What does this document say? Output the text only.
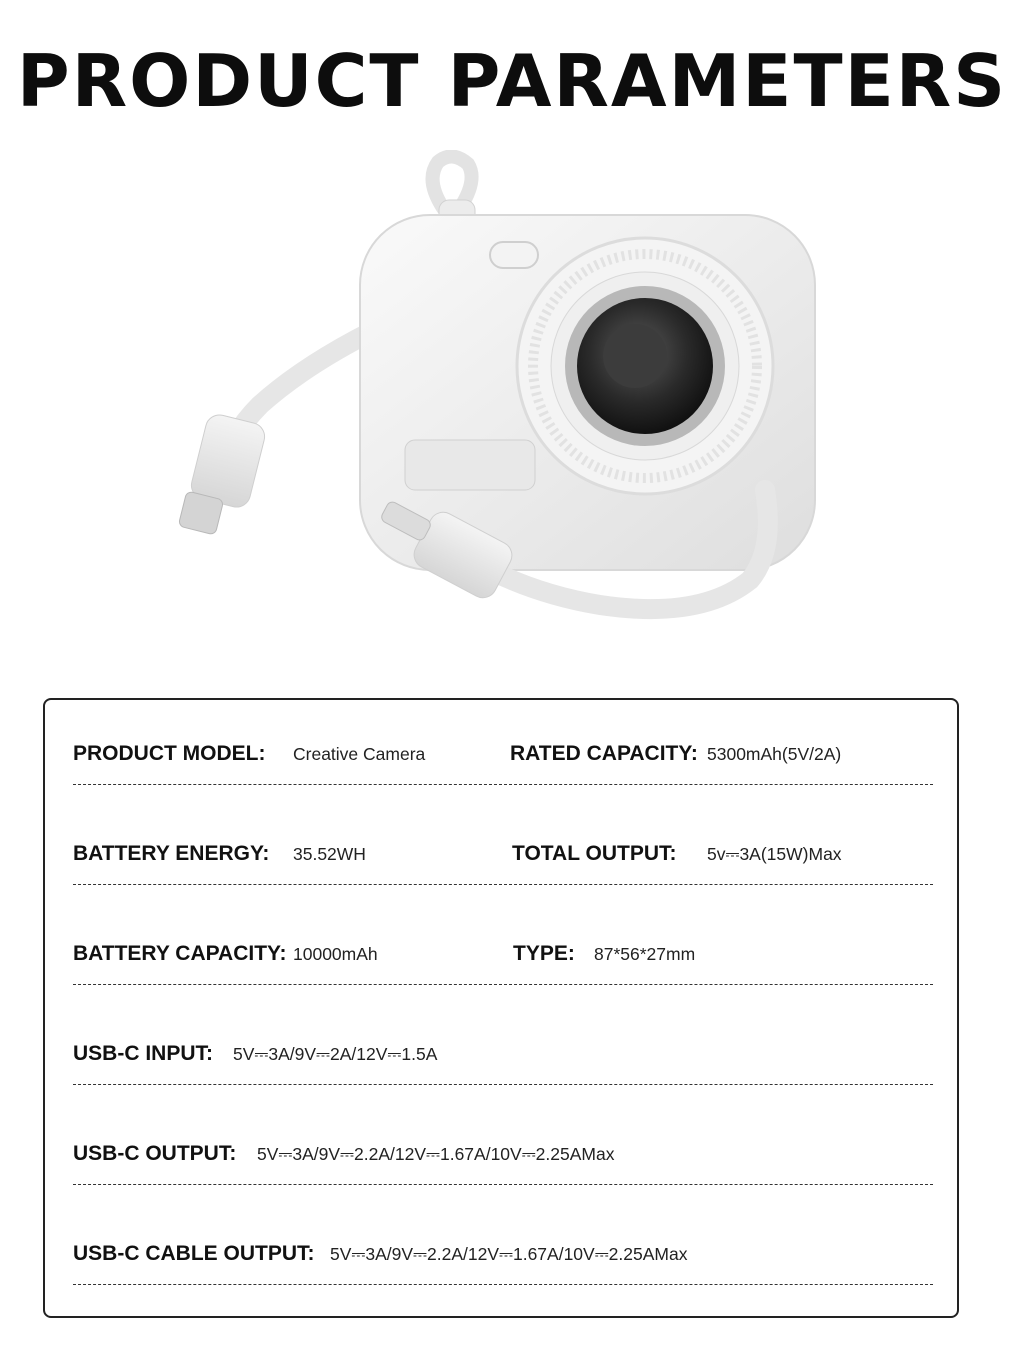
PRODUCT PARAMETERS
PRODUCT MODEL: Creative Camera	RATED CAPACITY: 5300mAh(5V/2A)
BATTERY ENERGY: 35.52WH	TOTAL OUTPUT: 5v⎓3A(15W)Max
BATTERY CAPACITY: 10000mAh	TYPE: 87*56*27mm
USB-C INPUT: 5V⎓3A/9V⎓2A/12V⎓1.5A
USB-C OUTPUT: 5V⎓3A/9V⎓2.2A/12V⎓1.67A/10V⎓2.25AMax
USB-C CABLE OUTPUT: 5V⎓3A/9V⎓2.2A/12V⎓1.67A/10V⎓2.25AMax
